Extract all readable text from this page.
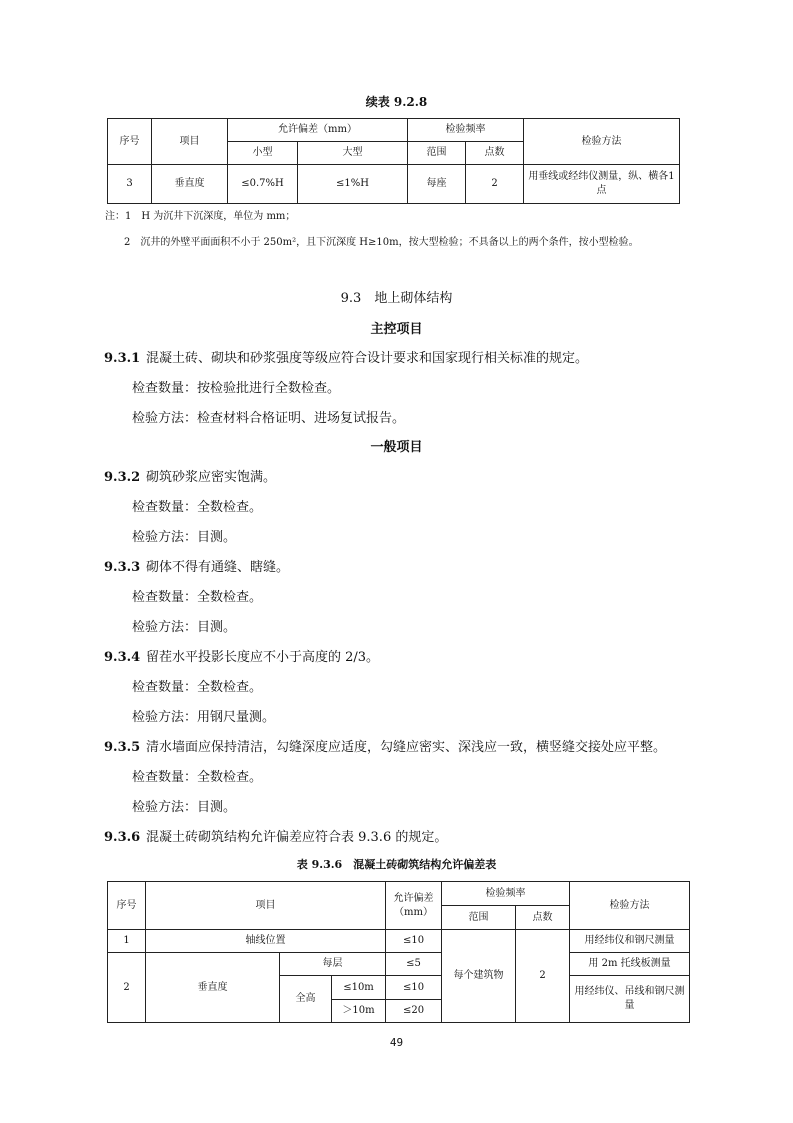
续表 9.2.8
序号	项目	允许偏差（mm）		检验频率		检验方法
		小型	大型	范围	点数	
3	垂直度	≤0.7%H	≤1%H	每座	2	用垂线或经纬仪测量，纵、横各1点
注：1　H 为沉井下沉深度，单位为 mm；
2　沉井的外壁平面面积不小于 250m²，且下沉深度 H≥10m，按大型检验；不具备以上的两个条件，按小型检验。
9.3　地上砌体结构
主控项目
9.3.1 混凝土砖、砌块和砂浆强度等级应符合设计要求和国家现行相关标准的规定。
检查数量：按检验批进行全数检查。
检验方法：检查材料合格证明、进场复试报告。
一般项目
9.3.2 砌筑砂浆应密实饱满。
检查数量：全数检查。
检验方法：目测。
9.3.3 砌体不得有通缝、瞎缝。
检查数量：全数检查。
检验方法：目测。
9.3.4 留茬水平投影长度应不小于高度的 2/3。
检查数量：全数检查。
检验方法：用钢尺量测。
9.3.5 清水墙面应保持清洁，勾缝深度应适度，勾缝应密实、深浅应一致，横竖缝交接处应平整。
检查数量：全数检查。
检验方法：目测。
9.3.6 混凝土砖砌筑结构允许偏差应符合表 9.3.6 的规定。
表 9.3.6　混凝土砖砌筑结构允许偏差表
序号	项目			允许偏差（mm）	检验频率		检验方法
					范围	点数	
1	轴线位置			≤10	每个建筑物	2	用经纬仪和钢尺测量
2	垂直度	每层		≤5			用 2m 托线板测量
		全高	≤10m	≤10			用经纬仪、吊线和钢尺测量
			＞10m	≤20			
49
